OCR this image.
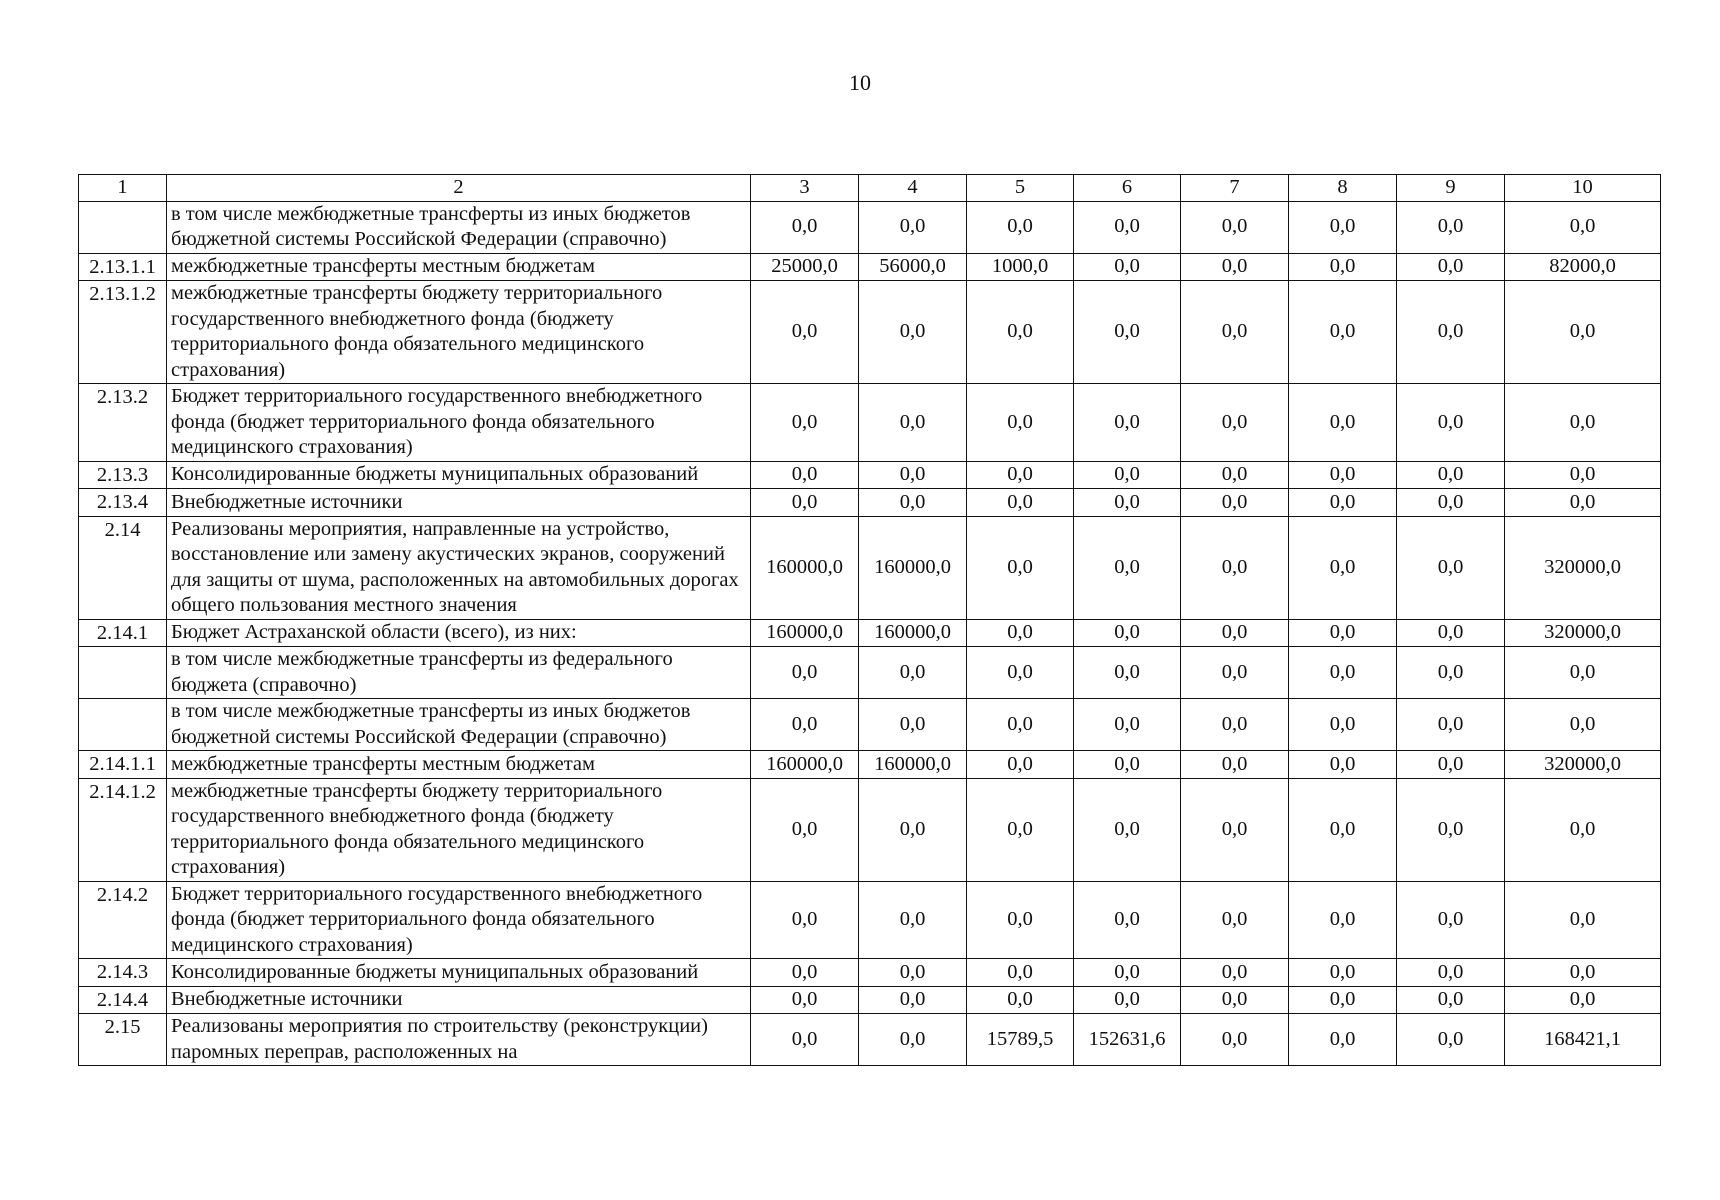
10
1	2	3	4	5	6	7	8	9	10
	в том числе межбюджетные трансферты из иных бюджетов бюджетной системы Российской Федерации (справочно)	0,0	0,0	0,0	0,0	0,0	0,0	0,0	0,0
2.13.1.1	межбюджетные трансферты местным бюджетам	25000,0	56000,0	1000,0	0,0	0,0	0,0	0,0	82000,0
2.13.1.2	межбюджетные трансферты бюджету территориального государственного внебюджетного фонда (бюджету территориального фонда обязательного медицинского страхования)	0,0	0,0	0,0	0,0	0,0	0,0	0,0	0,0
2.13.2	Бюджет территориального государственного внебюджетного фонда (бюджет территориального фонда обязательного медицинского страхования)	0,0	0,0	0,0	0,0	0,0	0,0	0,0	0,0
2.13.3	Консолидированные бюджеты муниципальных образований	0,0	0,0	0,0	0,0	0,0	0,0	0,0	0,0
2.13.4	Внебюджетные источники	0,0	0,0	0,0	0,0	0,0	0,0	0,0	0,0
2.14	Реализованы мероприятия, направленные на устройство, восстановление или замену акустических экранов, сооружений для защиты от шума, расположенных на автомобильных дорогах общего пользования местного значения	160000,0	160000,0	0,0	0,0	0,0	0,0	0,0	320000,0
2.14.1	Бюджет Астраханской области (всего), из них:	160000,0	160000,0	0,0	0,0	0,0	0,0	0,0	320000,0
	в том числе межбюджетные трансферты из федерального бюджета (справочно)	0,0	0,0	0,0	0,0	0,0	0,0	0,0	0,0
	в том числе межбюджетные трансферты из иных бюджетов бюджетной системы Российской Федерации (справочно)	0,0	0,0	0,0	0,0	0,0	0,0	0,0	0,0
2.14.1.1	межбюджетные трансферты местным бюджетам	160000,0	160000,0	0,0	0,0	0,0	0,0	0,0	320000,0
2.14.1.2	межбюджетные трансферты бюджету территориального государственного внебюджетного фонда (бюджету территориального фонда обязательного медицинского страхования)	0,0	0,0	0,0	0,0	0,0	0,0	0,0	0,0
2.14.2	Бюджет территориального государственного внебюджетного фонда (бюджет территориального фонда обязательного медицинского страхования)	0,0	0,0	0,0	0,0	0,0	0,0	0,0	0,0
2.14.3	Консолидированные бюджеты муниципальных образований	0,0	0,0	0,0	0,0	0,0	0,0	0,0	0,0
2.14.4	Внебюджетные источники	0,0	0,0	0,0	0,0	0,0	0,0	0,0	0,0
2.15	Реализованы мероприятия по строительству (реконструкции) паромных переправ, расположенных на	0,0	0,0	15789,5	152631,6	0,0	0,0	0,0	168421,1
